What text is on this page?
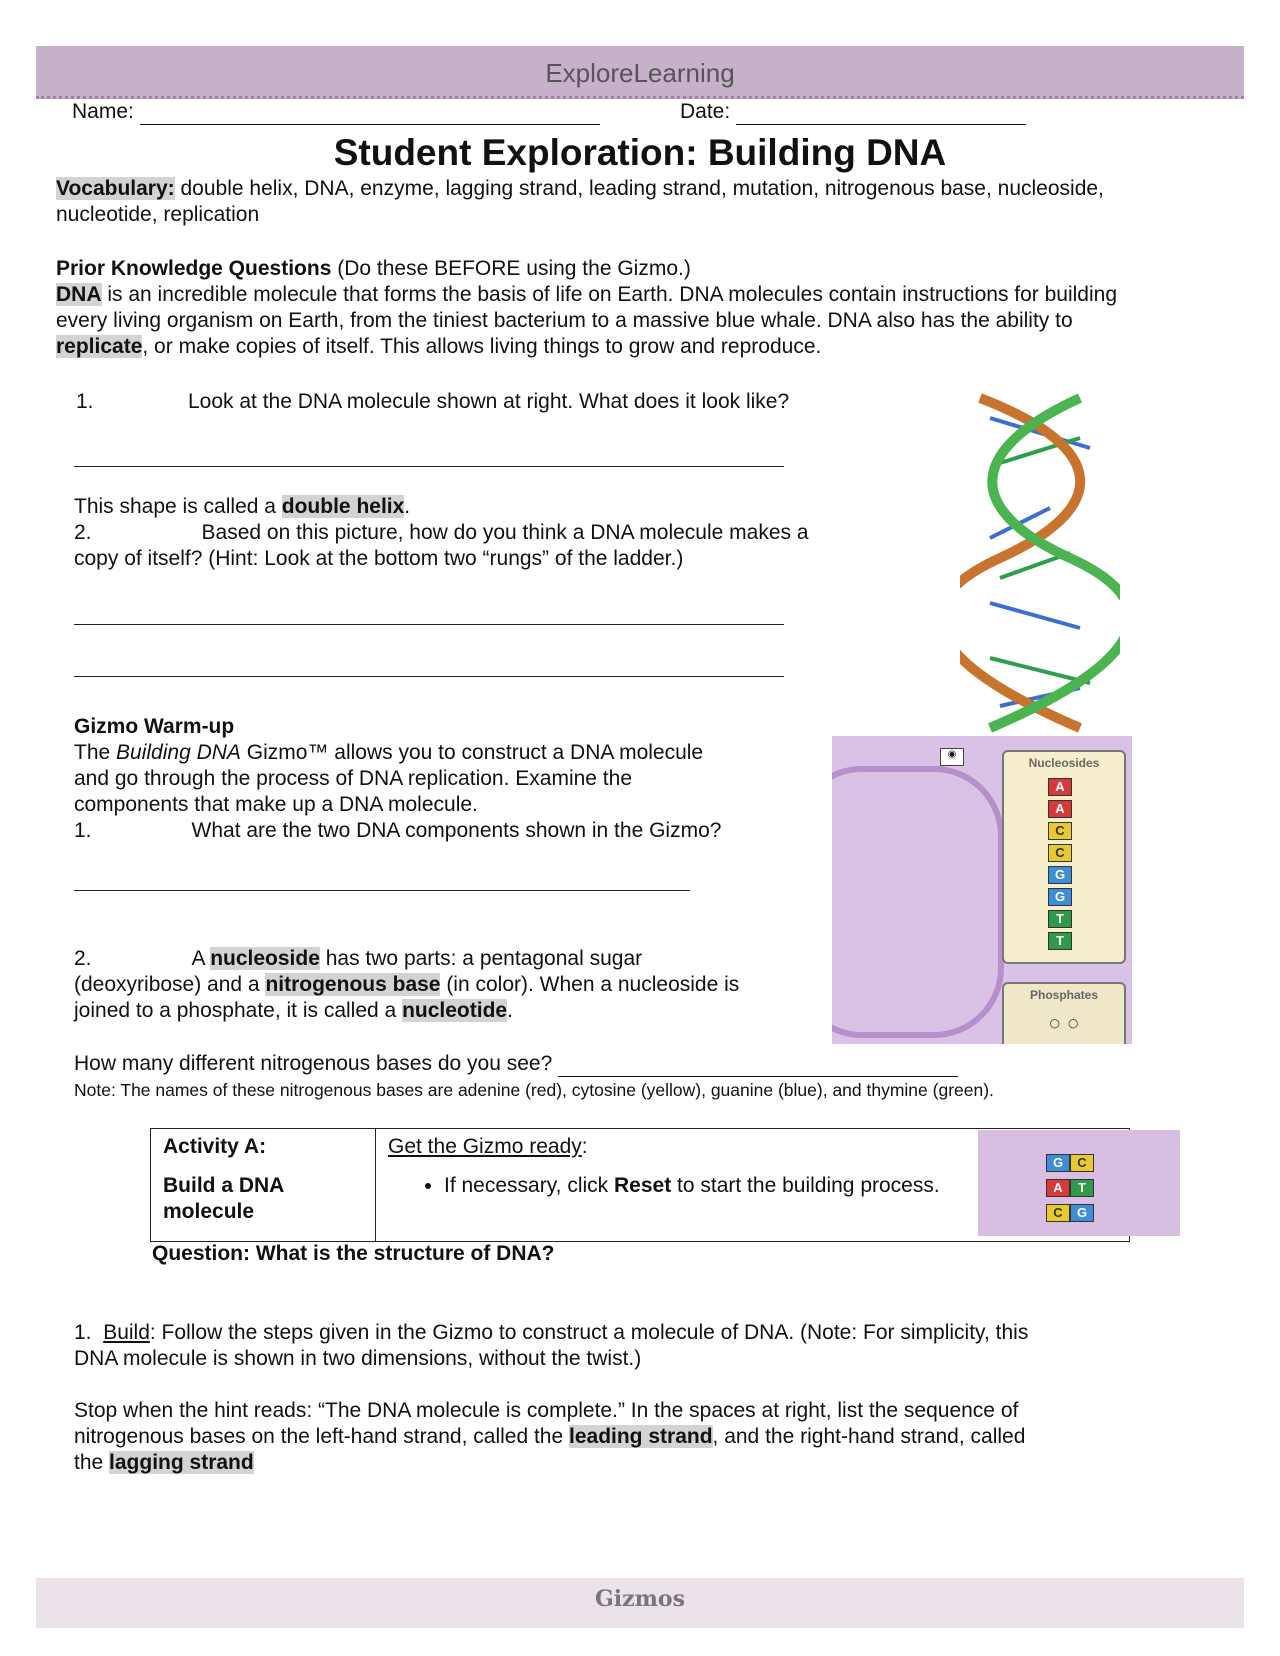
ExploreLearning
Name:	Date:
Student Exploration: Building DNA

Vocabulary: double helix, DNA, enzyme, lagging strand, leading strand, mutation, nitrogenous base, nucleoside,

nucleotide, replication

Prior Knowledge Questions (Do these BEFORE using the Gizmo.)

DNA is an incredible molecule that forms the basis of life on Earth. DNA molecules contain instructions for building

every living organism on Earth, from the tiniest bacterium to a massive blue whale. DNA also has the ability to

replicate, or make copies of itself. This allows living things to grow and reproduce.

1.	Look at the DNA molecule shown at right. What does it look like?

This shape is called a double helix.

2.	Based on this picture, how do you think a DNA molecule makes a

copy of itself? (Hint: Look at the bottom two “rungs” of the ladder.)

Gizmo Warm-up

The Building DNA Gizmo™ allows you to construct a DNA molecule

and go through the process of DNA replication. Examine the

components that make up a DNA molecule.

1.	What are the two DNA components shown in the Gizmo?

2.	A nucleoside has two parts: a pentagonal sugar

(deoxyribose) and a nitrogenous base (in color). When a nucleoside is

joined to a phosphate, it is called a nucleotide.

◉
Nucleosides
A
A
C
C
G
G
T
T
Phosphates
○ ○
How many different nitrogenous bases do you see?
Note: The names of these nitrogenous bases are adenine (red), cytosine (yellow), guanine (blue), and thymine (green).
Activity A:
Build a DNA molecule

Get the Gizmo ready:
• If necessary, click Reset to start the building process.
G C
A T
C G
Question: What is the structure of DNA?

1. Build: Follow the steps given in the Gizmo to construct a molecule of DNA. (Note: For simplicity, this

DNA molecule is shown in two dimensions, without the twist.)

Stop when the hint reads: “The DNA molecule is complete.” In the spaces at right, list the sequence of

nitrogenous bases on the left-hand strand, called the leading strand, and the right-hand strand, called

the lagging strand

Gizmos
